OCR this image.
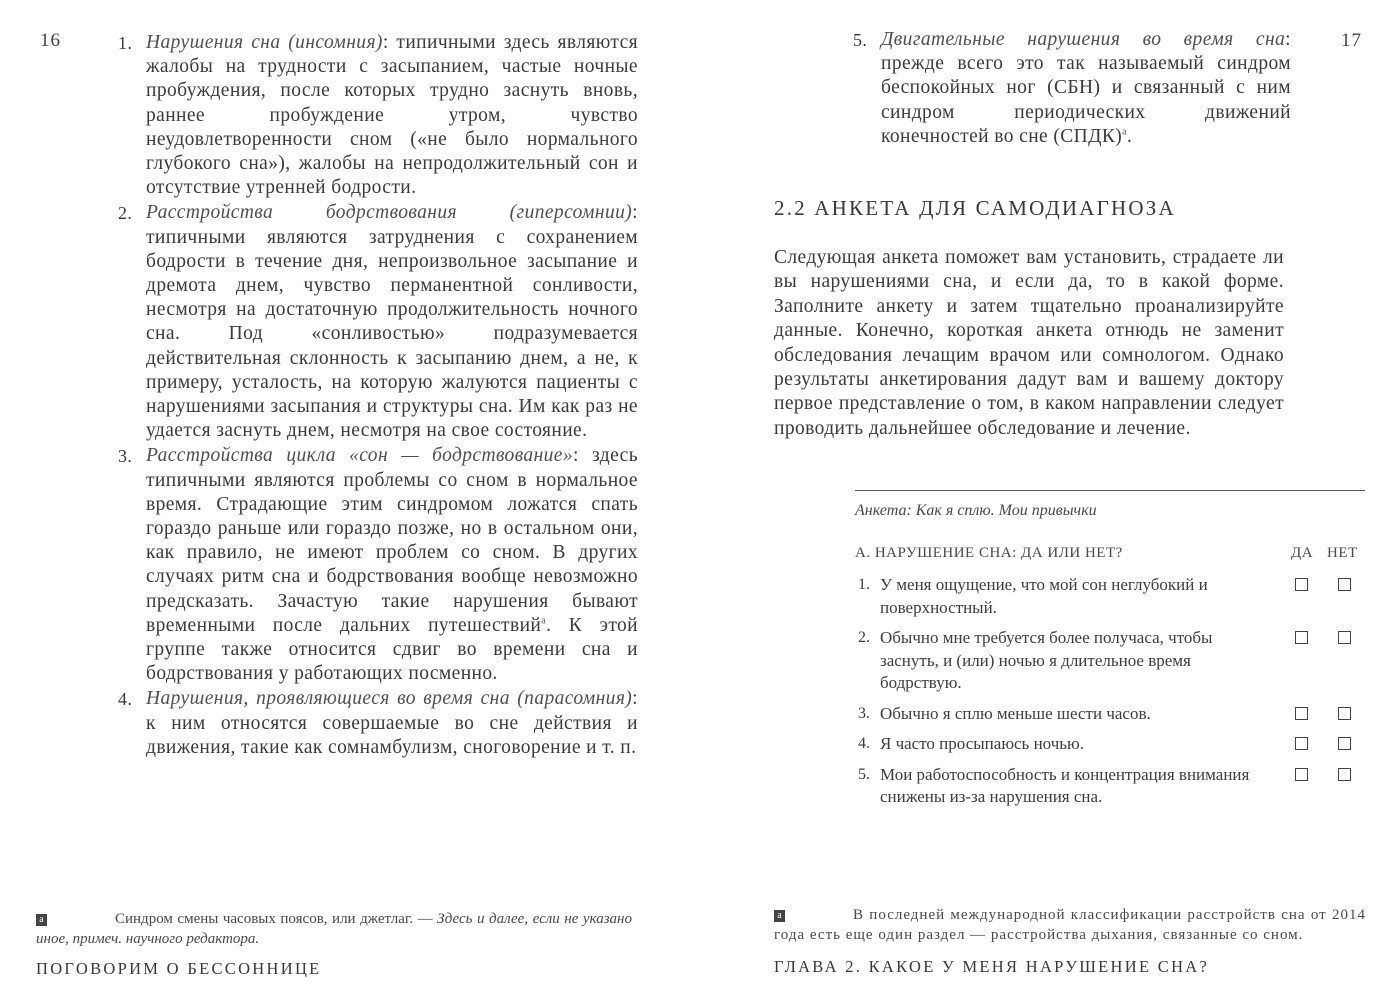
16	1. Нарушения сна (инсомния): типичными здесь являются жалобы на трудности с засыпанием, частые ночные пробуждения, после которых трудно заснуть вновь, раннее пробуждение утром, чувство неудовлетворенности сном («не было нормального глубокого сна»), жалобы на непродолжительный сон и отсутствие утренней бодрости.
2. Расстройства бодрствования (гиперсомнии): типичными являются затруднения с сохранением бодрости в течение дня, непроизвольное засыпание и дремота днем, чувство перманентной сонливости, несмотря на достаточную продолжительность ночного сна. Под «сонливостью» подразумевается действительная склонность к засыпанию днем, а не, к примеру, усталость, на которую жалуются пациенты с нарушениями засыпания и структуры сна. Им как раз не удается заснуть днем, несмотря на свое состояние.
3. Расстройства цикла «сон — бодрствование»: здесь типичными являются проблемы со сном в нормальное время. Страдающие этим синдромом ложатся спать гораздо раньше или гораздо позже, но в остальном они, как правило, не имеют проблем со сном. В других случаях ритм сна и бодрствования вообще невозможно предсказать. Зачастую такие нарушения бывают временными после дальних путешествий$^a$. К этой группе также относится сдвиг во времени сна и бодрствования у работающих посменно.
4. Нарушения, проявляющиеся во время сна (парасомния): к ним относятся совершаемые во сне действия и движения, такие как сомнамбулизм, сноговорение и т. п.

a	Синдром смены часовых поясов, или джетлаг. — Здесь и далее, если не указано иное, примеч. научного редактора.

ПОГОВОРИМ О БЕССОННИЦЕ
17
5. Двигательные нарушения во время сна: прежде всего это так называемый синдром беспокойных ног (СБН) и связанный с ним синдром периодических движений конечностей во сне (СПДК)$^a$.
2.2 АНКЕТА ДЛЯ САМОДИАГНОЗА

Следующая анкета поможет вам установить, страдаете ли вы нарушениями сна, и если да, то в какой форме. Заполните анкету и затем тщательно проанализируйте данные. Конечно, короткая анкета отнюдь не заменит обследования лечащим врачом или сомнологом. Однако результаты анкетирования дадут вам и вашему доктору первое представление о том, в каком направлении следует проводить дальнейшее обследование и лечение.

Анкета: Как я сплю. Мои привычки

А. НАРУШЕНИЕ СНА: ДА ИЛИ НЕТ?	ДА НЕТ
1. У меня ощущение, что мой сон неглубокий и поверхностный.
2. Обычно мне требуется более получаса, чтобы заснуть, и (или) ночью я длительное время бодрствую.
3. Обычно я сплю меньше шести часов.
4. Я часто просыпаюсь ночью.
5. Мои работоспособность и концентрация внимания снижены из-за нарушения сна.

a	В последней международной классификации расстройств сна от 2014 года есть еще один раздел — расстройства дыхания, связанные со сном.

ГЛАВА 2. КАКОЕ У МЕНЯ НАРУШЕНИЕ СНА?
